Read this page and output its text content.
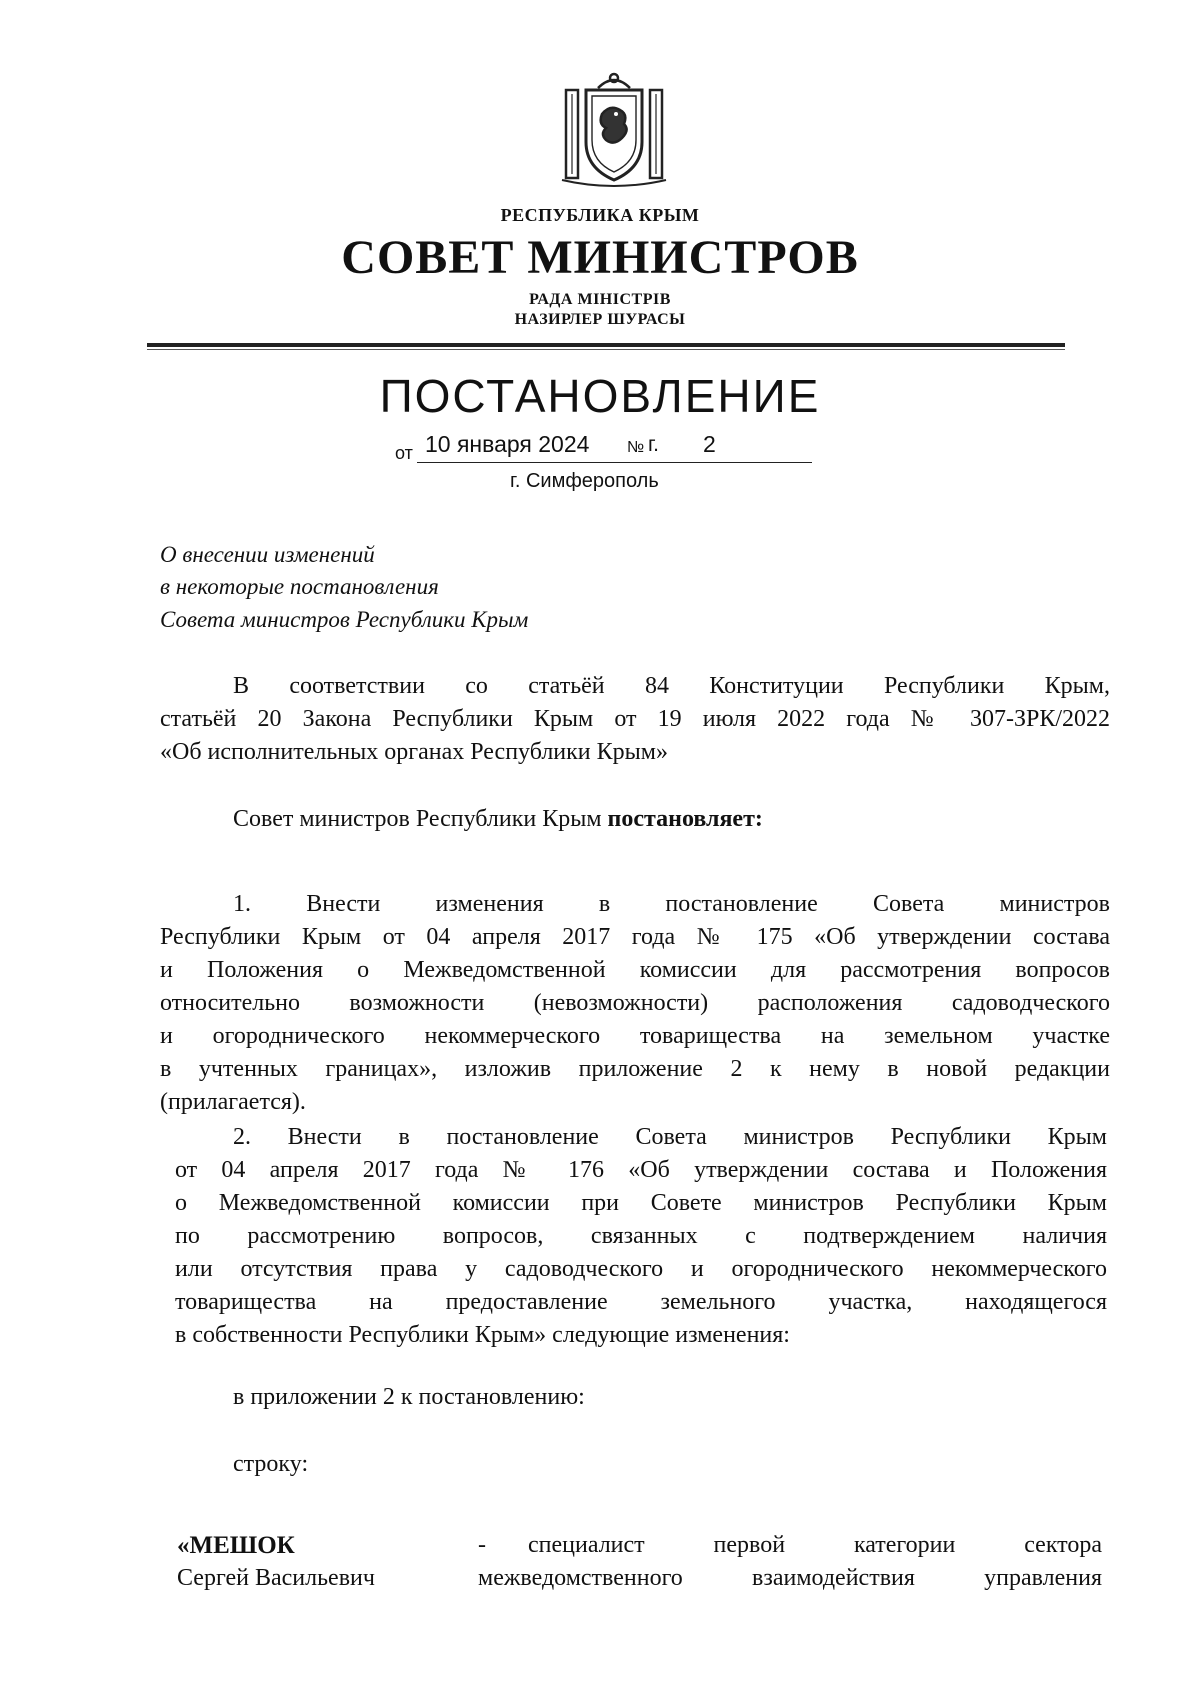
РЕСПУБЛИКА КРЫМ
СОВЕТ МИНИСТРОВ
РАДА МІНІСТРІВ
НАЗИРЛЕР ШУРАСЫ
ПОСТАНОВЛЕНИЕ
от 10 января 2024 № г. 2
г. Симферополь
О внесении изменений
в некоторые постановления
Совета министров Республики Крым
В соответствии со статьёй 84 Конституции Республики Крым,
статьёй 20 Закона Республики Крым от 19 июля 2022 года № 307-ЗРК/2022
«Об исполнительных органах Республики Крым»
Совет министров Республики Крым постановляет:
1. Внести изменения в постановление Совета министров
Республики Крым от 04 апреля 2017 года № 175 «Об утверждении состава
и Положения о Межведомственной комиссии для рассмотрения вопросов
относительно возможности (невозможности) расположения садоводческого
и огороднического некоммерческого товарищества на земельном участке
в учтенных границах», изложив приложение 2 к нему в новой редакции
(прилагается).
2. Внести в постановление Совета министров Республики Крым
от 04 апреля 2017 года № 176 «Об утверждении состава и Положения
о Межведомственной комиссии при Совете министров Республики Крым
по рассмотрению вопросов, связанных с подтверждением наличия
или отсутствия права у садоводческого и огороднического некоммерческого
товарищества на предоставление земельного участка, находящегося
в собственности Республики Крым» следующие изменения:
в приложении 2 к постановлению:
строку:
«МЕШОК
Сергей Васильевич
- специалист первой категории сектора
межведомственного взаимодействия управления
